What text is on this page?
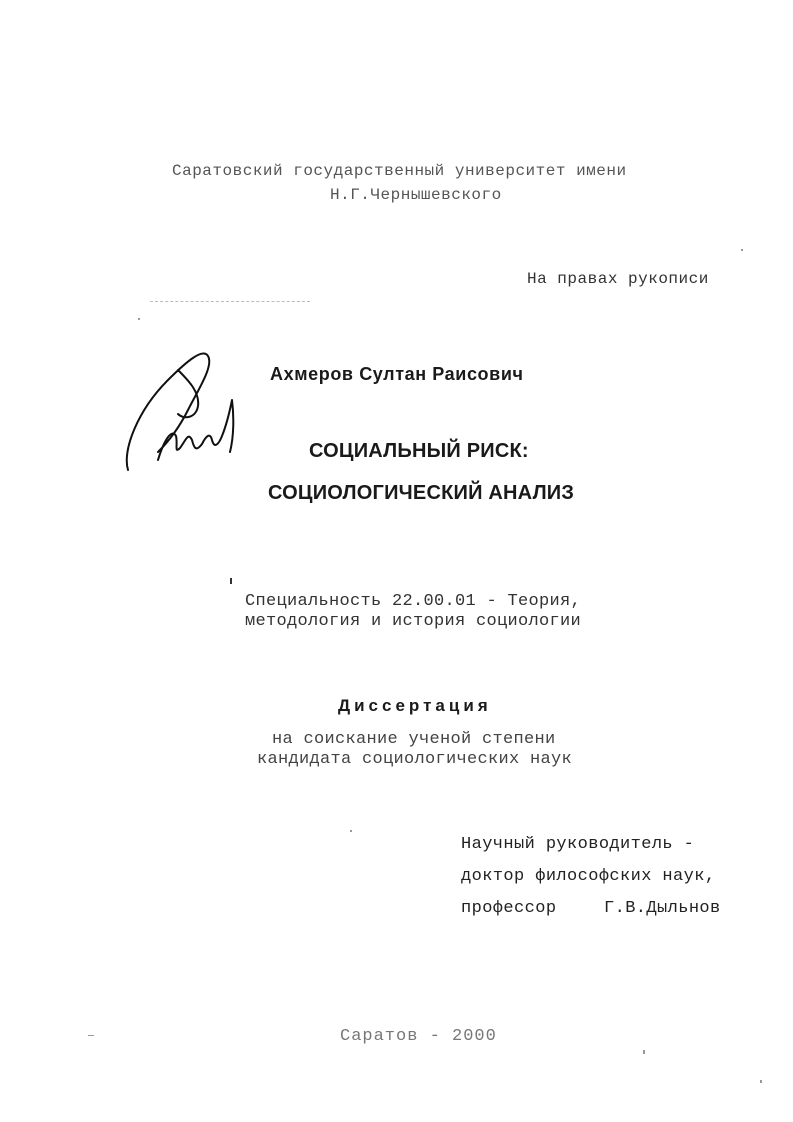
Саратовский государственный университет имени

Н.Г.Чернышевского

На правах рукописи

Ахмеров Султан Раисович

СОЦИАЛЬНЫЙ РИСК:

СОЦИОЛОГИЧЕСКИЙ АНАЛИЗ

Специальность 22.00.01 - Теория,

методология и история социологии

Диссертация

на соискание ученой степени

кандидата социологических наук

Научный руководитель -

доктор философских наук,

профессор	Г.В.Дыльнов

Саратов - 2000
